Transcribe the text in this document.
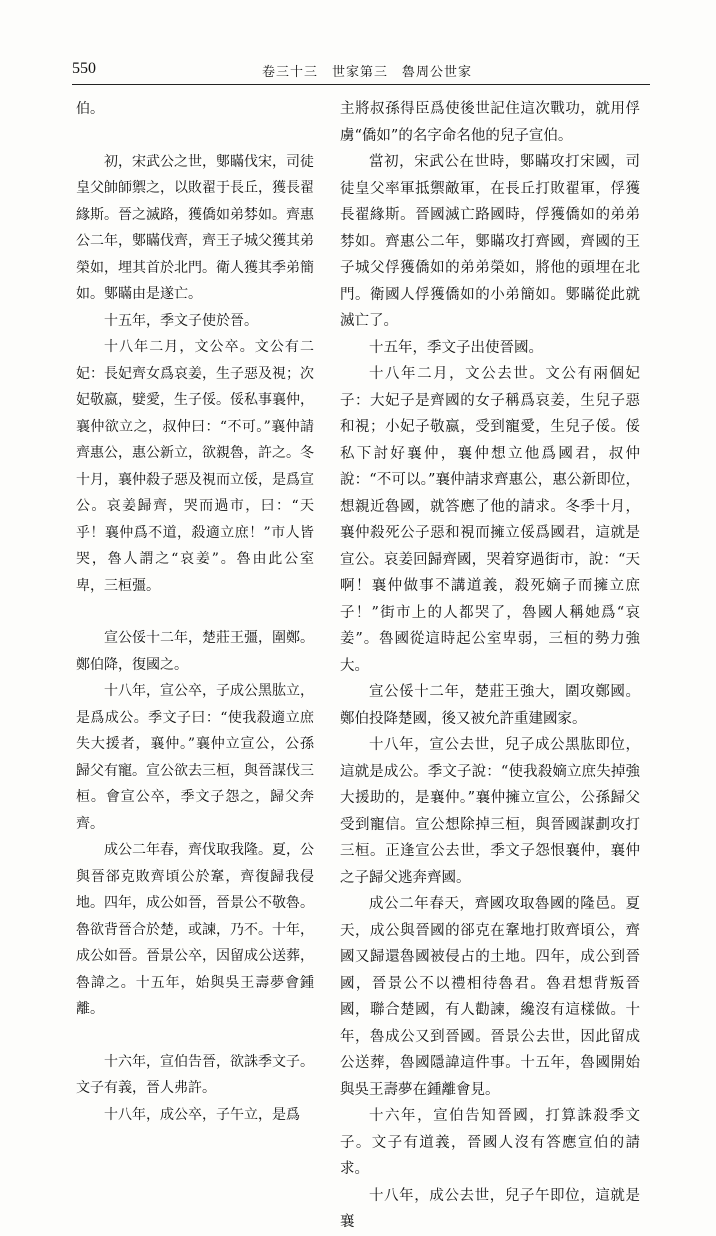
550	卷三十三　世家第三　魯周公世家

伯。

初，宋武公之世，鄋瞞伐宋，司徒皇父帥師禦之，以敗翟于長丘，獲長翟緣斯。晉之滅路，獲僑如弟棼如。齊惠公二年，鄋瞞伐齊，齊王子城父獲其弟榮如，埋其首於北門。衛人獲其季弟簡如。鄋瞞由是遂亡。

十五年，季文子使於晉。

十八年二月，文公卒。文公有二妃：長妃齊女爲哀姜，生子惡及視；次妃敬嬴，嬖愛，生子俀。俀私事襄仲，襄仲欲立之，叔仲曰：“不可。”襄仲請齊惠公，惠公新立，欲親魯，許之。冬十月，襄仲殺子惡及視而立俀，是爲宣公。哀姜歸齊，哭而過市，曰：“天乎！襄仲爲不道，殺適立庶！”市人皆哭，魯人謂之“哀姜”。魯由此公室卑，三桓彊。

宣公俀十二年，楚莊王彊，圍鄭。鄭伯降，復國之。

十八年，宣公卒，子成公黑肱立，是爲成公。季文子曰：“使我殺適立庶失大援者，襄仲。”襄仲立宣公，公孫歸父有寵。宣公欲去三桓，與晉謀伐三桓。會宣公卒，季文子怨之，歸父奔齊。

成公二年春，齊伐取我隆。夏，公與晉郤克敗齊頃公於鞌，齊復歸我侵地。四年，成公如晉，晉景公不敬魯。魯欲背晉合於楚，或諫，乃不。十年，成公如晉。晉景公卒，因留成公送葬，魯諱之。十五年，始與吳王壽夢會鍾離。

十六年，宣伯告晉，欲誅季文子。文子有義，晉人弗許。

十八年，成公卒，子午立，是爲

主將叔孫得臣爲使後世記住這次戰功，就用俘虜“僑如”的名字命名他的兒子宣伯。

當初，宋武公在世時，鄋瞞攻打宋國，司徒皇父率軍抵禦敵軍，在長丘打敗翟軍，俘獲長翟緣斯。晉國滅亡路國時，俘獲僑如的弟弟棼如。齊惠公二年，鄋瞞攻打齊國，齊國的王子城父俘獲僑如的弟弟榮如，將他的頭埋在北門。衛國人俘獲僑如的小弟簡如。鄋瞞從此就滅亡了。

十五年，季文子出使晉國。

十八年二月，文公去世。文公有兩個妃子：大妃子是齊國的女子稱爲哀姜，生兒子惡和視；小妃子敬嬴，受到寵愛，生兒子俀。俀私下討好襄仲，襄仲想立他爲國君，叔仲說：“不可以。”襄仲請求齊惠公，惠公新即位，想親近魯國，就答應了他的請求。冬季十月，襄仲殺死公子惡和視而擁立俀爲國君，這就是宣公。哀姜回歸齊國，哭着穿過街市，說：“天啊！襄仲做事不講道義，殺死嫡子而擁立庶子！”街市上的人都哭了，魯國人稱她爲“哀姜”。魯國從這時起公室卑弱，三桓的勢力強大。

宣公俀十二年，楚莊王強大，圍攻鄭國。鄭伯投降楚國，後又被允許重建國家。

十八年，宣公去世，兒子成公黑肱即位，這就是成公。季文子說：“使我殺嫡立庶失掉強大援助的，是襄仲。”襄仲擁立宣公，公孫歸父受到寵信。宣公想除掉三桓，與晉國謀劃攻打三桓。正逢宣公去世，季文子怨恨襄仲，襄仲之子歸父逃奔齊國。

成公二年春天，齊國攻取魯國的隆邑。夏天，成公與晉國的郤克在鞌地打敗齊頃公，齊國又歸還魯國被侵占的土地。四年，成公到晉國，晉景公不以禮相待魯君。魯君想背叛晉國，聯合楚國，有人勸諫，纔沒有這樣做。十年，魯成公又到晉國。晉景公去世，因此留成公送葬，魯國隱諱這件事。十五年，魯國開始與吳王壽夢在鍾離會見。

十六年，宣伯告知晉國，打算誅殺季文子。文子有道義，晉國人沒有答應宣伯的請求。

十八年，成公去世，兒子午即位，這就是襄
